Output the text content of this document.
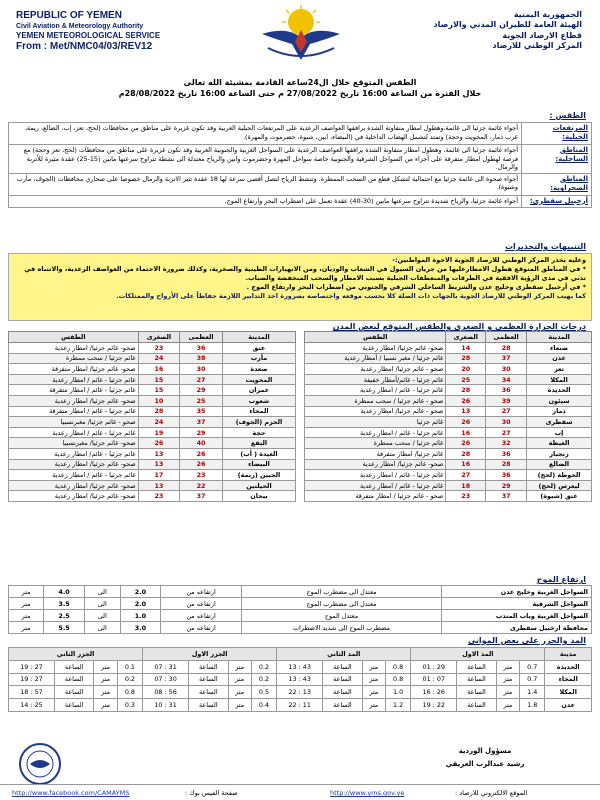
REPUBLIC OF YEMEN
Civil Aviation & Meteorology Authority
YEMEN METEOROLOGICAL SERVICE
From : Met/NMC04/03/REV12
الجمهورية اليمنية
الهيئة العامة للطيران المدني والارصاد
قطاع الارصاد الجوية
المركز الوطني للارصاد
الطقس المتوقع خلال ال24ساعة القادمة بمشيئة الله تعالى
خلال الفترة من الساعة 16:00 تاريخ 27/08/2022 م حتى الساعة 16:00 تاريخ 28/08/2022م
الطقس :
أجواء غائمة جزئيا الى غائمة،وهطول امطار متفاوتة الشدة يرافقها العواصف الرعدية على المرتفعات الجبلية الغربية وقد تكون غزيرة على مناطق من محافظات (لحج، تعز، إب، الضالع، ريمة، غرب ذمار، المحويت وحجة) وتمتد لتشمل الهضاب الداخلية في (البيضاء، ابين، شبوة، حضرموت والمهرة).	المرتفعات الجبلية:
أجواء غائمة جزئيا الى غائمة، وهطول امطار متفاوتة الشدة يرافقها العواصف الرعدية على السواحل الغربية والجنوبية الغربية وقد تكون غزيرة على مناطق من محافظات (لحج، تعز وحجة) مع فرصة لهطول امطار متفرقة على أجزاء من السواحل الشرقية والجنوبية خاصة سواحل المهرة وحضرموت وابين والرياح معتدلة الى نشطة تتراوح سرعتها مابين (15-25) عقدة مثيرة للأتربة والرمال.	المناطق الساحلية:
أجواء صحوة الى غائمة جزئيا مع احتمالية لتشكل قطع من السحب الممطرة، وتنشط الرياح لتصل أقصى سرعة لها 18 عقدة تثير الاتربة والرمال خصوصا على صحاري محافظات (الجوف، مأرب وشبوة).	المناطق الصحراوية:
أجواء غائمة جزئيا، والرياح شديدة تتراوح سرعتها مابين (30-40) عقدة تعمل على اضطراب البحر وارتفاع الموج.	أرخبيل سقطرى:
التنبيهات والتحذيرات
وعليه يحذر المركز الوطني للارصاد الجوية الاخوة المواطنين:-
* في المناطق المتوقع هطول الامطارعليها من جريان السيول في الشعاب والوديان، ومن الانهيارات الطينية والصخرية، وكذلك ضرورة الاحتماء من العواصف الرعدية، والانتباه في تدني في مدى الرؤية الافقية في الطرقات والمنعطفات الجبلية بسبب الامطار والسحب المنخفضة والضباب.
* في أرخبيل سقطرى وخليج عدن والشريط الساحلي الشرقي والجنوبي من اضطراب البحر وارتفاع الموج .
كما يهيب المركز الوطني للارصاد الجوية بالجهات ذات الصلة كلا بحسب موقعه واختصاصه بضرورة اخذ التدابير اللازمة حفاظاً على الأرواح والممتلكات.
درجات الحرارة العظمى و الصغرى والطقس المتوقع لبعض المدن
الطقس	الصغرى	العظمى	المدينة
صحو- غائم جزئيا/ امطار رعدية	23	36	عتق
غائم جزئيا / سحب ممطرة	24	38	مأرب
صحو- غائم جزئيا/ امطار متفرقة	16	30	صعدة
غائم جزئيا - غائم / امطار رعدية	15	27	المحويت
غائم جزئيا - غائم / امطار متفرقة	15	29	عمران
صحو- غائم جزئيا/ امطار رعدية	10	25	شعوب
غائم جزئيا - غائم / امطار متفرقة	28	35	المخاء
صحو - غائم جزئيا/ مغبرنسبيا	24	37	الحزم (الجوف)
غائم جزئيا - غائم / امطار رعدية	19	29	حجة
صحو- غائم جزئيا/ مغبرنسبيا	26	40	البقع
غائم جزئيا - غائم/ امطار رعدية	13	26	الغيدة ( أب)
صحو- غائم جزئيا/ امطار رعدية	13	26	البيضاء
غائم جزئيا - غائم / امطار رعدية	17	23	الجبين (ريمة)
صحو- غائم جزئيا/ امطار رعدية	13	22	الحيلتين
صحو- غائم جزئيا/ امطار رعدية	23	37	بيحان
الطقس	الصغرى	العظمى	المدينة
صحو- غائم جزئيا/ امطار رعدية	14	28	صنعاء
غائم جزئيا / مغبر نسبيا / أمطار رعدية	28	37	عدن
صحو - غائم جزئيا/ امطار رعدية	20	30	تعز
غائم جزئيا - غائم/أمطار خفيفة	25	34	المكلا
غائم جزئيا - غائم / امطار رعدية	28	36	الحديدة
صحو - غائم جزئيا / سحب ممطرة	26	39	سيئون
صحو - غائم جزئيا/ امطار رعدية	13	27	ذمار
غائم جزئيا	26	30	سقطرى
غائم جزئيا - غائم / امطار رعدية	16	27	إب
غائم جزئيا / سحب ممطرة	26	32	الغيظة
غائم جزئيا/ امطار متفرقة	28	36	زنجبار
صحو- غائم جزئيا/ امطار رعدية	16	28	الضالع
غائم جزئيا - غائم / امطار رعدية	27	36	الحوطة (لحج)
غائم جزئيا - غائم / امطار رعدية	18	29	ليعرس (لحج)
صحو - غائم جزئيا / امطار متفرقة	23	37	عتق (شبوة)
ارتفاع الموج
متر	4.0	الى	2.0	ارتفاعه من	معتدل الى مضطرب الموج	السواحل الغربية وخليج عدن
متر	3.5	الى	2.0	ارتفاعه من	معتدل الى مضطرب الموج	السواحل الشرقية
متر	2.5	الى	1.0	ارتفاعه من	معتدل الموج	السواحل الغربية وباب المندب
متر	5.5	الى	3.0	ارتفاعه من	مضطرب الموج الى شديد الاضطراب	محافظة ارخبيل سقطرى
المد والجزر على بعض الموانى
الجزر الثاني				الجزر الاول				المد الثاني				المد الاول				مدينة
19 : 27	الساعة	متر	0.1	07 : 31	الساعة	متر	0.2	13 : 43	الساعة	متر	0.8	01 : 29	الساعة	متر	0.7	الحديدة
19 : 27	الساعة	متر	0.2	07 : 30	الساعة	متر	0.2	13 : 43	الساعة	متر	0.8	01 : 07	الساعة	متر	0.7	المخاء
18 : 57	الساعة	متر	0.8	08 : 56	الساعة	متر	0.5	22 : 13	الساعة	متر	1.0	16 : 26	الساعة	متر	1.4	المكلا
14 : 25	الساعة	متر	0.3	10 : 31	الساعة	متر	0.4	22 : 11	الساعة	متر	1.2	19 : 22	الساعة	متر	1.8	عدن
مسؤول الوردية
رشيد عبدالرب العريقي
http://www.facebook.com/CAMAYMS	صفحة الفيس بوك :	http://www.yms.gov.ye	الموقع الالكتروني للارصاد :
